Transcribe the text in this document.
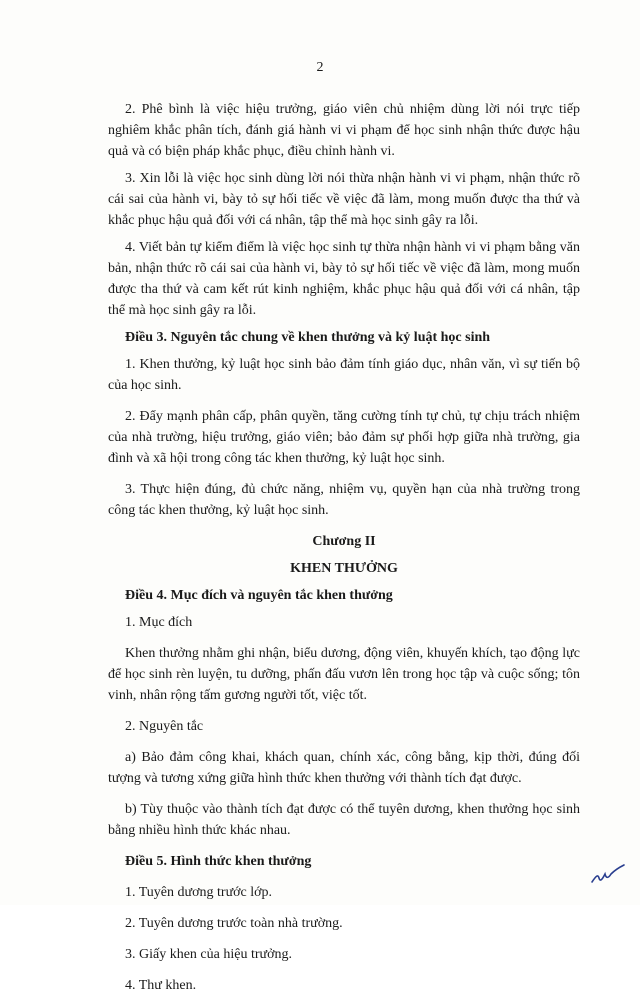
2

2. Phê bình là việc hiệu trưởng, giáo viên chủ nhiệm dùng lời nói trực tiếp nghiêm khắc phân tích, đánh giá hành vi vi phạm để học sinh nhận thức được hậu quả và có biện pháp khắc phục, điều chỉnh hành vi.

3. Xin lỗi là việc học sinh dùng lời nói thừa nhận hành vi vi phạm, nhận thức rõ cái sai của hành vi, bày tỏ sự hối tiếc về việc đã làm, mong muốn được tha thứ và khắc phục hậu quả đối với cá nhân, tập thể mà học sinh gây ra lỗi.

4. Viết bản tự kiểm điểm là việc học sinh tự thừa nhận hành vi vi phạm bằng văn bản, nhận thức rõ cái sai của hành vi, bày tỏ sự hối tiếc về việc đã làm, mong muốn được tha thứ và cam kết rút kinh nghiệm, khắc phục hậu quả đối với cá nhân, tập thể mà học sinh gây ra lỗi.

Điều 3. Nguyên tắc chung về khen thưởng và kỷ luật học sinh

1. Khen thưởng, kỷ luật học sinh bảo đảm tính giáo dục, nhân văn, vì sự tiến bộ của học sinh.

2. Đẩy mạnh phân cấp, phân quyền, tăng cường tính tự chủ, tự chịu trách nhiệm của nhà trường, hiệu trưởng, giáo viên; bảo đảm sự phối hợp giữa nhà trường, gia đình và xã hội trong công tác khen thưởng, kỷ luật học sinh.

3. Thực hiện đúng, đủ chức năng, nhiệm vụ, quyền hạn của nhà trường trong công tác khen thưởng, kỷ luật học sinh.

Chương II

KHEN THƯỞNG

Điều 4. Mục đích và nguyên tắc khen thưởng

1. Mục đích

Khen thưởng nhằm ghi nhận, biểu dương, động viên, khuyến khích, tạo động lực để học sinh rèn luyện, tu dưỡng, phấn đấu vươn lên trong học tập và cuộc sống; tôn vinh, nhân rộng tấm gương người tốt, việc tốt.

2. Nguyên tắc

a) Bảo đảm công khai, khách quan, chính xác, công bằng, kịp thời, đúng đối tượng và tương xứng giữa hình thức khen thưởng với thành tích đạt được.

b) Tùy thuộc vào thành tích đạt được có thể tuyên dương, khen thưởng học sinh bằng nhiều hình thức khác nhau.

Điều 5. Hình thức khen thưởng

1. Tuyên dương trước lớp.

2. Tuyên dương trước toàn nhà trường.

3. Giấy khen của hiệu trưởng.

4. Thư khen.
